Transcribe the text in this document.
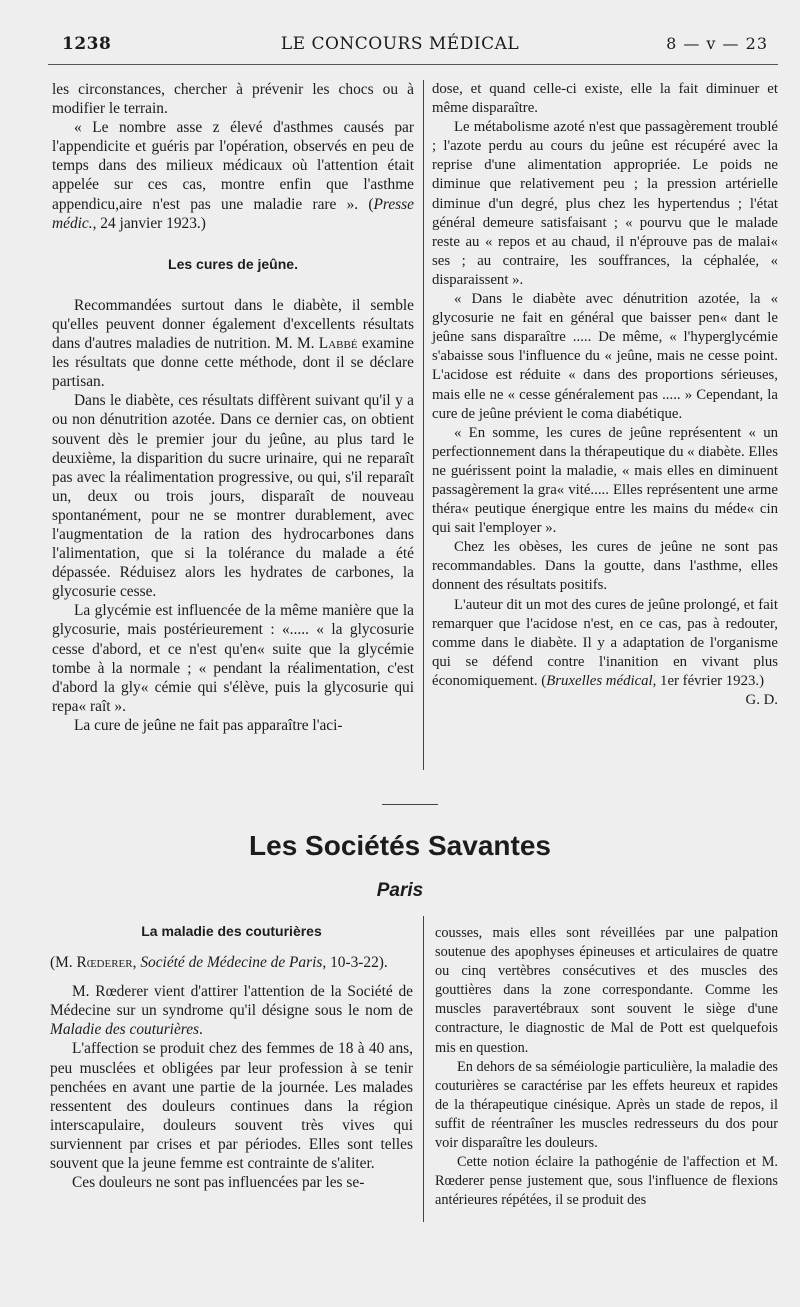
1238	LE CONCOURS MÉDICAL	8 — v — 23

les circonstances, chercher à prévenir les chocs ou à modifier le terrain.

« Le nombre asse z élevé d'asthmes causés par l'appendicite et guéris par l'opération, observés en peu de temps dans des milieux médicaux où l'attention était appelée sur ces cas, montre enfin que l'asthme appendicu,aire n'est pas une maladie rare ». (Presse médic., 24 janvier 1923.)

Les cures de jeûne.

Recommandées surtout dans le diabète, il semble qu'elles peuvent donner également d'excellents résultats dans d'autres maladies de nutrition. M. M. Labbé examine les résultats que donne cette méthode, dont il se déclare partisan.

Dans le diabète, ces résultats diffèrent suivant qu'il y a ou non dénutrition azotée. Dans ce dernier cas, on obtient souvent dès le premier jour du jeûne, au plus tard le deuxième, la disparition du sucre urinaire, qui ne reparaît pas avec la réalimentation progressive, ou qui, s'il reparaît un, deux ou trois jours, disparaît de nouveau spontanément, pour ne se montrer durablement, avec l'augmentation de la ration des hydrocarbones dans l'alimentation, que si la tolérance du malade a été dépassée. Réduisez alors les hydrates de carbones, la glycosurie cesse.

La glycémie est influencée de la même manière que la glycosurie, mais postérieurement : «..... « la glycosurie cesse d'abord, et ce n'est qu'en« suite que la glycémie tombe à la normale ; « pendant la réalimentation, c'est d'abord la gly« cémie qui s'élève, puis la glycosurie qui repa« raît ».

La cure de jeûne ne fait pas apparaître l'aci-

dose, et quand celle-ci existe, elle la fait diminuer et même disparaître.

Le métabolisme azoté n'est que passagèrement troublé ; l'azote perdu au cours du jeûne est récupéré avec la reprise d'une alimentation appropriée. Le poids ne diminue que relativement peu ; la pression artérielle diminue d'un degré, plus chez les hypertendus ; l'état général demeure satisfaisant ; « pourvu que le malade reste au « repos et au chaud, il n'éprouve pas de malai« ses ; au contraire, les souffrances, la céphalée, « disparaissent ».

« Dans le diabète avec dénutrition azotée, la « glycosurie ne fait en général que baisser pen« dant le jeûne sans disparaître ..... De même, « l'hyperglycémie s'abaisse sous l'influence du « jeûne, mais ne cesse point. L'acidose est réduite « dans des proportions sérieuses, mais elle ne « cesse généralement pas ..... » Cependant, la cure de jeûne prévient le coma diabétique.

« En somme, les cures de jeûne représentent « un perfectionnement dans la thérapeutique du « diabète. Elles ne guérissent point la maladie, « mais elles en diminuent passagèrement la gra« vité..... Elles représentent une arme théra« peutique énergique entre les mains du méde« cin qui sait l'employer ».

Chez les obèses, les cures de jeûne ne sont pas recommandables. Dans la goutte, dans l'asthme, elles donnent des résultats positifs.

L'auteur dit un mot des cures de jeûne prolongé, et fait remarquer que l'acidose n'est, en ce cas, pas à redouter, comme dans le diabète. Il y a adaptation de l'organisme qui se défend contre l'inanition en vivant plus économiquement. (Bruxelles médical, 1er février 1923.)

G. D.

Les Sociétés Savantes
Paris

La maladie des couturières

(M. Rœderer, Société de Médecine de Paris, 10-3-22).

M. Rœderer vient d'attirer l'attention de la Société de Médecine sur un syndrome qu'il désigne sous le nom de Maladie des couturières.

L'affection se produit chez des femmes de 18 à 40 ans, peu musclées et obligées par leur profession à se tenir penchées en avant une partie de la journée. Les malades ressentent des douleurs continues dans la région interscapulaire, douleurs souvent très vives qui surviennent par crises et par périodes. Elles sont telles souvent que la jeune femme est contrainte de s'aliter.

Ces douleurs ne sont pas influencées par les se-

cousses, mais elles sont réveillées par une palpation soutenue des apophyses épineuses et articulaires de quatre ou cinq vertèbres consécutives et des muscles des gouttières dans la zone correspondante. Comme les muscles paravertébraux sont souvent le siège d'une contracture, le diagnostic de Mal de Pott est quelquefois mis en question.

En dehors de sa séméiologie particulière, la maladie des couturières se caractérise par les effets heureux et rapides de la thérapeutique cinésique. Après un stade de repos, il suffit de réentraîner les muscles redresseurs du dos pour voir disparaître les douleurs.

Cette notion éclaire la pathogénie de l'affection et M. Rœderer pense justement que, sous l'influence de flexions antérieures répétées, il se produit des
